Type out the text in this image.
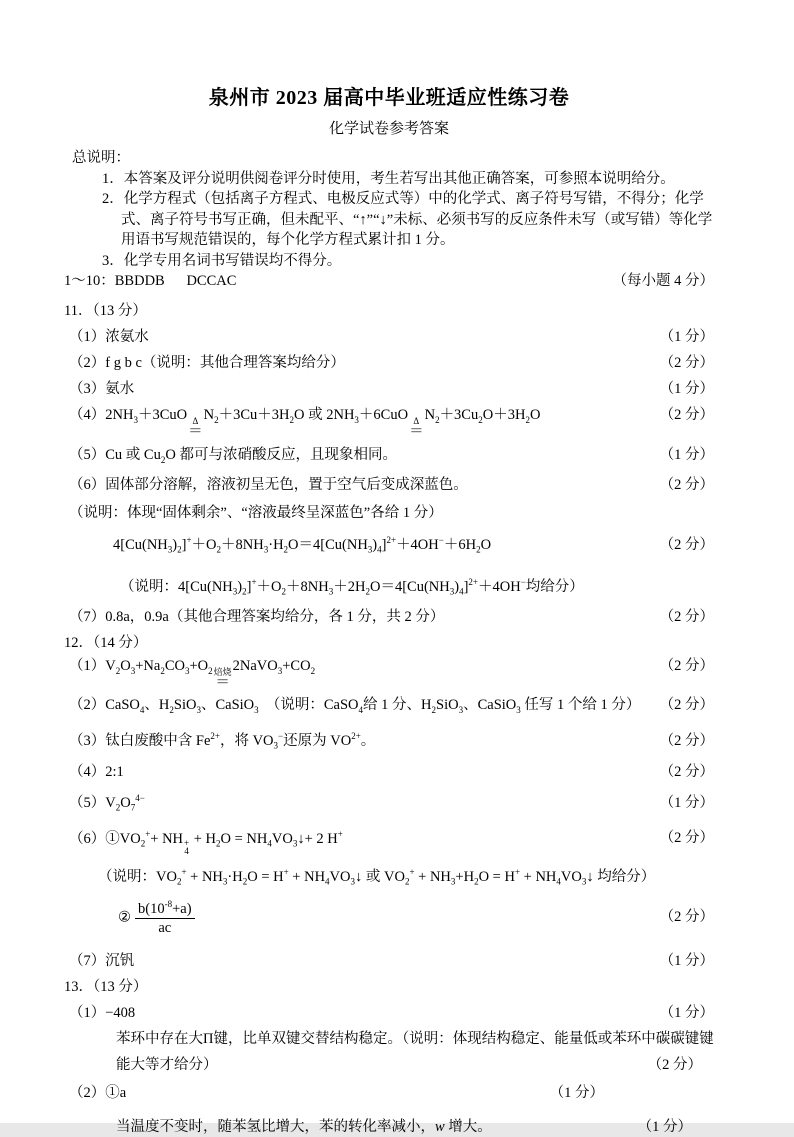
泉州市 2023 届高中毕业班适应性练习卷
化学试卷参考答案
总说明：
1．本答案及评分说明供阅卷评分时使用，考生若写出其他正确答案，可参照本说明给分。
2．化学方程式（包括离子方程式、电极反应式等）中的化学式、离子符号写错，不得分；化学
式、离子符号书写正确，但未配平、“↑”“↓”未标、必须书写的反应条件未写（或写错）等化学
用语书写规范错误的，每个化学方程式累计扣 1 分。
3．化学专用名词书写错误均不得分。
1～10：BBDDB  DCCAC	（每小题 4 分）
11．（13 分）
（1）浓氨水	（1 分）
（2）f g b c（说明：其他合理答案均给分）	（2 分）
（3）氨水	（1 分）
$(4)2NH_3+3CuO$ Δ
＝
$N_2+3Cu+3H_2O$ 或 $2NH_3+6CuO$ Δ
＝
$N_2+3Cu_2O+3H_2O$	（2 分）
（5）Cu 或 $Cu_2O$ 都可与浓硝酸反应，且现象相同。	（1 分）
（6）固体部分溶解，溶液初呈无色，置于空气后变成深蓝色。	（2 分）
（说明：体现“固体剩余”、“溶液最终呈深蓝色”各给 1 分）
$4[Cu(NH_3)_2]^++O_2+8NH_3\cdot H_2O=4[Cu(NH_3)_4]^{2+}+4OH^-+6H_2O$	（2 分）
（说明：$4[Cu(NH_3)_2]^++O_2+8NH_3+2H_2O=4[Cu(NH_3)_4]^{2+}+4OH^-$均给分）
（7）0.8a，0.9a（其他合理答案均给分，各 1 分，共 2 分）	（2 分）
12．（14 分）
$(1)V_2O_3+Na_2CO_3+O_2$ 焙烧
＝
$2NaVO_3+CO_2$	（2 分）
（2）CaSO$_4$、$H_2SiO_3$、CaSiO$_3$　（说明：CaSO$_4$给 1 分、$H_2SiO_3$、CaSiO$_3$ 任写 1 个给 1 分） （2 分）
（3）钛白废酸中含 $Fe^{2+}$，将 $VO_3^-$还原为 $VO^{2+}$。	（2 分）
（4）2:1	（2 分）
$(5)V_2O_7^{4-}$	（1 分）
$(6)①VO_2^++$ NH +
4
+ $H_2O$ = $NH_4VO_3↓+ 2$ H+	（2 分）
（说明：$VO_2^+ + NH_3\cdot H_2O = H^+$ + $NH_4VO_3↓$ 或 $VO_2^+ + NH_3+H_2O = H^+$ + $NH_4VO_3↓$ 均给分）
② $\frac{b(10^{-8}+a)}{ac}$	（2 分）
（7）沉钒	（1 分）
13．（13 分）
（1）−408	（1 分）
苯环中存在大Π键，比单双键交替结构稳定。（说明：体现结构稳定、能量低或苯环中碳碳键键
能大等才给分）	（2 分）
（2）①a	（1 分）
当温度不变时，随苯氢比增大，苯的转化率减小，w 增大。	（1 分）
